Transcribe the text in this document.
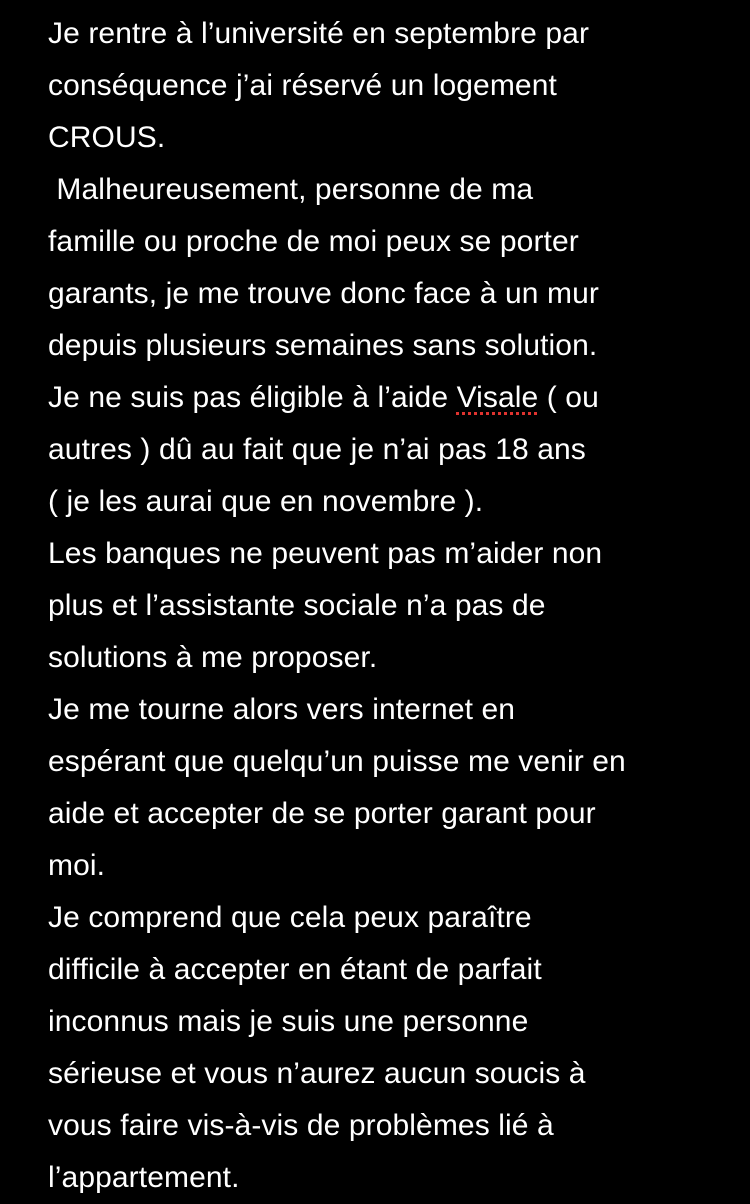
Je rentre à l’université en septembre par
conséquence j’ai réservé un logement
CROUS.
Malheureusement, personne de ma
famille ou proche de moi peux se porter
garants, je me trouve donc face à un mur
depuis plusieurs semaines sans solution.
Je ne suis pas éligible à l’aide Visale ( ou
autres ) dû au fait que je n’ai pas 18 ans
( je les aurai que en novembre ).
Les banques ne peuvent pas m’aider non
plus et l’assistante sociale n’a pas de
solutions à me proposer.
Je me tourne alors vers internet en
espérant que quelqu’un puisse me venir en
aide et accepter de se porter garant pour
moi.
Je comprend que cela peux paraître
difficile à accepter en étant de parfait
inconnus mais je suis une personne
sérieuse et vous n’aurez aucun soucis à
vous faire vis-à-vis de problèmes lié à
l’appartement.
